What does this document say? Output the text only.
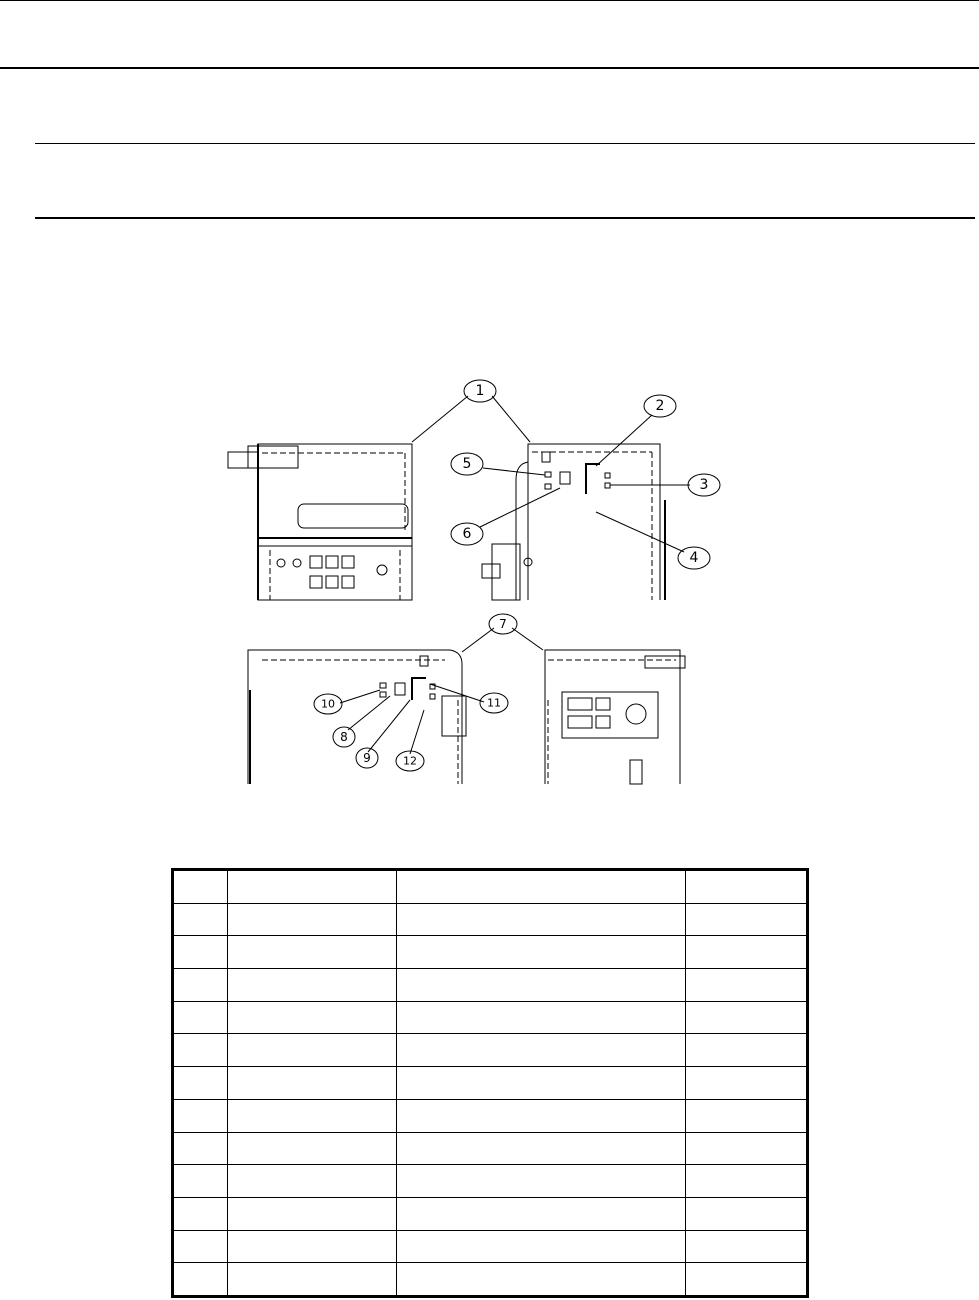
1
2
3
4
5
6
7
8
9
10	11
12
